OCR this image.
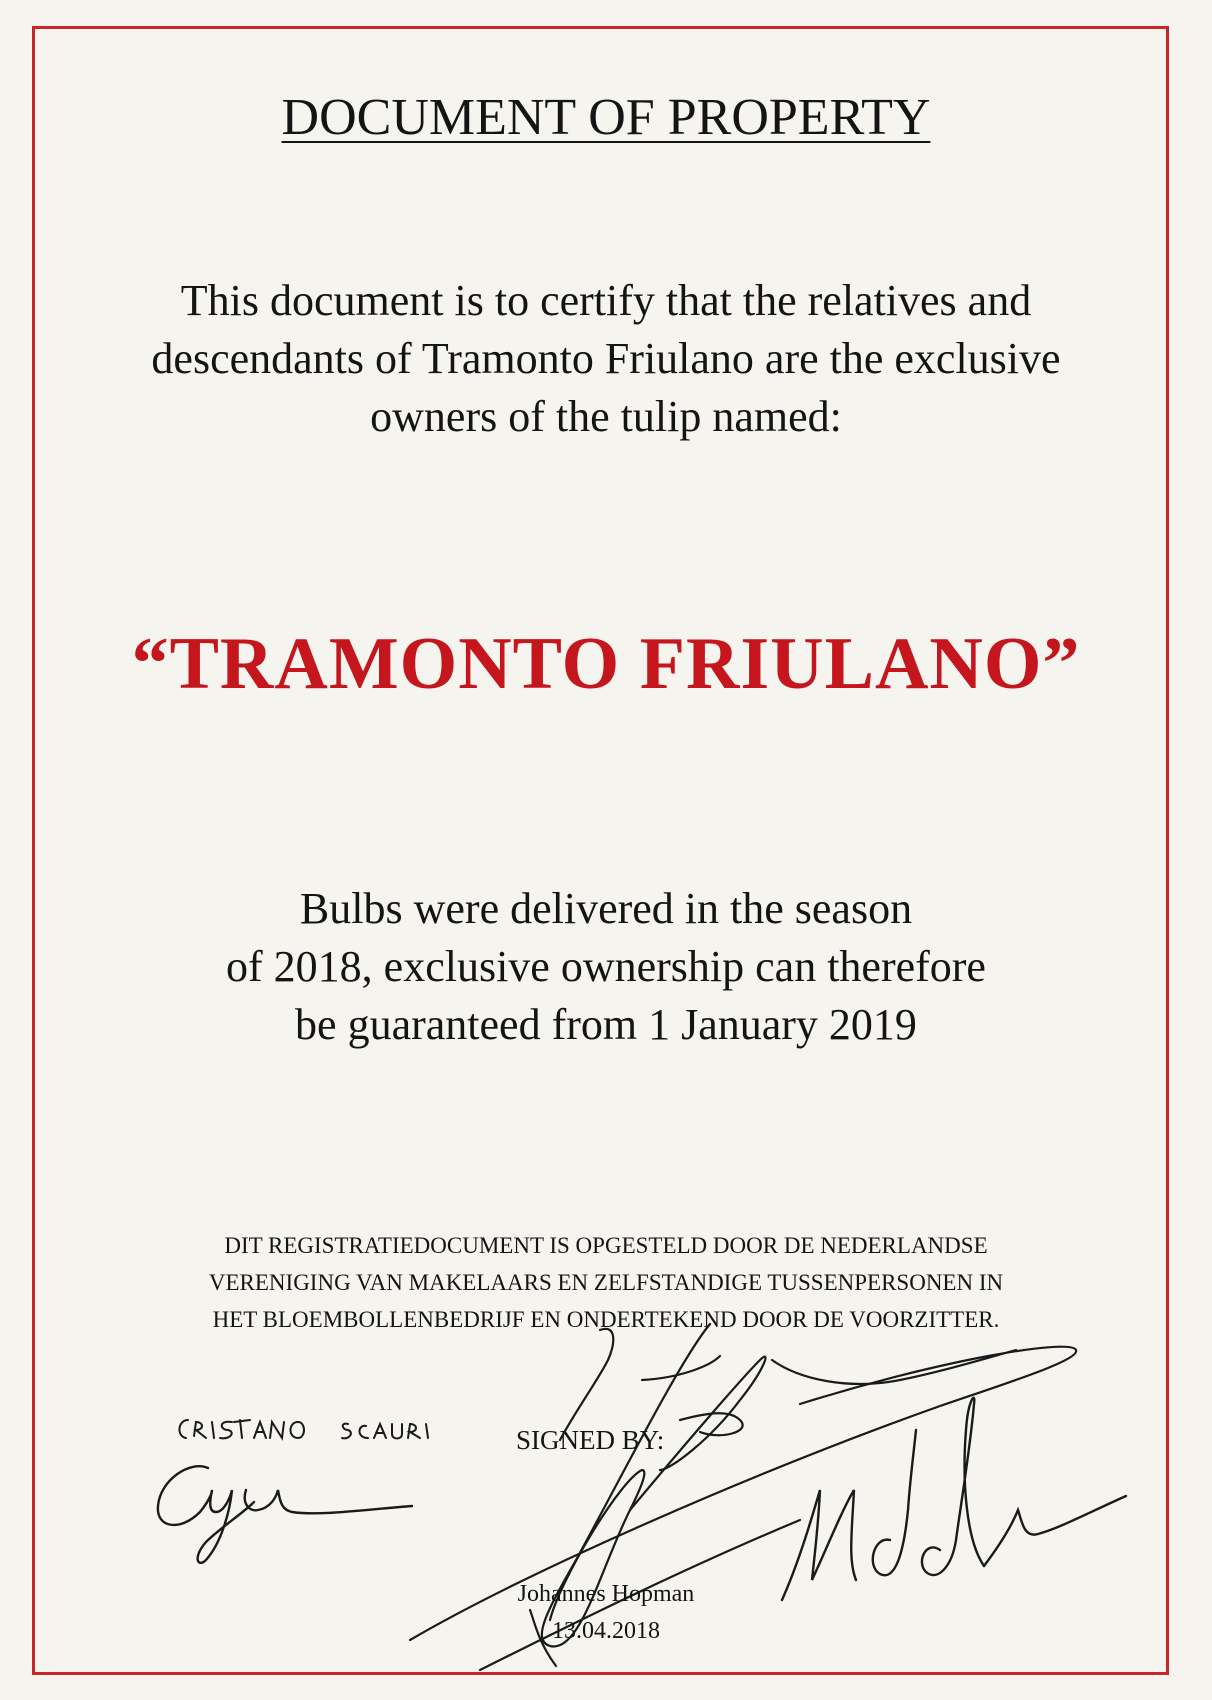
DOCUMENT OF PROPERTY
This document is to certify that the relatives and
descendants of Tramonto Friulano are the exclusive
owners of the tulip named:
“TRAMONTO FRIULANO”
Bulbs were delivered in the season
of 2018, exclusive ownership can therefore
be guaranteed from 1 January 2019
DIT REGISTRATIEDOCUMENT IS OPGESTELD DOOR DE NEDERLANDSE
VERENIGING VAN MAKELAARS EN ZELFSTANDIGE TUSSENPERSONEN IN
HET BLOEMBOLLENBEDRIJF EN ONDERTEKEND DOOR DE VOORZITTER.
SIGNED BY:
Johannes Hopman
13.04.2018
